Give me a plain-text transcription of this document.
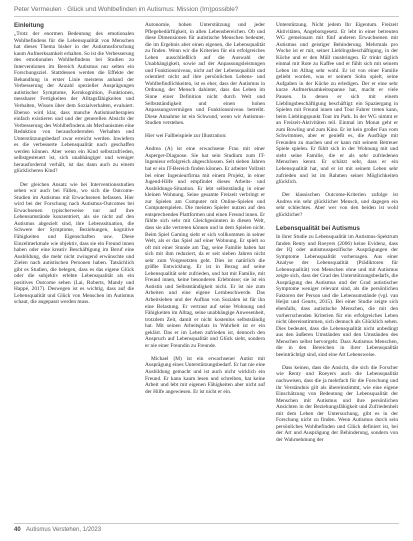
Peter Vermeulen · Glück und Wohlbefinden im Autismus: Mission (Im)possible?
Einleitung

„Trotz der enormen Bedeutung des emotionalen Wohlbefindens für die Lebensqualität von Menschen hat dieses Thema bisher in der Autismusforschung kaum Aufmerksamkeit erhalten. So ist die Verbesserung des emotionalen Wohlbefindens bei Studien zu Interventionen im Bereich Autismus nur selten ein Forschungsziel. Stattdessen werden die Effekte der Behandlung in erster Linie meistens anhand der Verbesserung der Anzahl spezieller Ausprägungen autistischer Symptome, Kernkognition, Funktionen, messbarer Fertigkeiten der Alltagsfähigkeiten und Verhalten, Wissen über dem Sozialverhalten, evaluiert. Ebenso wird klar, dass manche Autismustherapien einfach existieren und und der generellen Absicht der Verbesserung des Wohlbefindens als Mechanismen eine Reduktion von herausfordernden Verhalten und Unterstützungsbedarf zwar erreicht werden. Inwiefern es die verbesserte Lebensqualität nach geschaffen werden können. Aber wenn ein Kind selbstzufrieden, selbstgesteuert ist, sich unabhängiger und weniger herausfordernd verhält, ist das dann auch zu einem glücklicheren Kind?

Der gleichen Ansatz wie bei Interventionsstudien sehen wir auch bei Fällen, wo sich die Outcome-Studien im Autismus mit Erwachsenen befassen. Hier wird bei der Forschung nach Autismus-Outcomes bei Erwachsenen typischerweise nur auf ihre Lebensumstände konzentriert, als sie nicht auf den Autismus abgezielt sind, ihre Lebenssituation, die Schwere der Symptome, Beziehungen, kognitive Fähigkeiten und Eigenschaften usw. Diese Einzelmerkmale wie objektiv, dass sie ein Freund innen haben oder eine kreativ Beschäftigung im Beruf eine Ausbildung, die mehr nicht zwingend erwünschte und Zielen nach autistischen Personen haben. Tatsächlich gibt es Studien, die belegen, dass es das eigene Glück oder die subjektiv erlebte Lebensqualität als ein positives Outcome sehen (Lai, Roberts, Mandy und Happé, 2017). Deswegen ist es wichtig, dass auf die Lebensqualität und Glück von Menschen im Autismus schaut, die angepasst werden muss.

Autonomie, hohen Unterstützung und jeder Pflegebedürftigkeit, in allen Lebensbereichen. Ob und diese Dimensionen für autistische Menschen bedeutet, die im Ergebnis aber einen eigenen, die Lebensqualität zu finden. Wenn wir die Kriterien für ein erfolgreiches Leben ausschließlich auf die Auswahl der Unabhängigkeit, sowie auf der Anpassungsleistungen und Funktionsniveau, nicht auf der Lebensqualität und orientiert nicht auf ihre persönlichen Lebens- und Wohlbefindlichkeiten, ist es eher, dass der Autismus in Ordnung, der Mensch dahinter, dass das Leben im Sinne einer Definition nicht durch Welt und Selbstständigkeit und einen hohen Anpassungsvermögen und Funktionsniveau betreibt. Diese Annahme ist ein Schwund, wenn wir Autismus-Studien verstehen.

Hier wei Fallbeispiele zur Illustration:

Andrea (A) ist eine erwachsene Frau mit einer Asperger-Diagnose. Sie hat sein Studium zum IT-Ingenieur erfolgreich abgeschlossen. Seit sieben Jahren hat er ein IT-Bereich finden können. Er arbeitet Vollzeit bei einer Ingenieurfirma mit einem Projekt, in einer Jugend-Hilfe und empfindet dieses Arbeits- und Ausbildungs-Situation. Er lebt selbstständig in einer kleinen Wohnung. Seine gesamte Freizeit verbringt er zur Spielen am Computer mit Online-Spielen und Computerspielen. Die meisten Spieler nutzen auf den entsprechenden Plattformen und einen Freund innen. Er fühlte sich sehr mit Gleichgesinnten in diesen Welt, dass sie alle vertreten können und in dem Spielen nicht. Beim Spiel Gaming sieht er sich vollkommen in seiner Welt, als er das Spiel auf einer Wohnung. Er spielt so oft mit einer Stunde am Tag, seine Familie haben hat sich mit ihm reduziert, da er seit sieben Jahren nicht sehr zum Vorgesetzten geht. Dies ist natürlich die größte Entwicklung. Er ist in Bezug auf seine Lebensqualität sehr zufrieden, und hat mit Familie, mit Freund innen, keine besonderen Erlebnisse; sie ist ein Autistin und Selbstständigkeit nicht. Er ist nie zum Arbeiten und eine eigene Lernbeschwerde. Das Arbeitsleben und der Aufbau von Sozialen ist für ihn eine Belastung. Er vertraut auf seine Wohnung und Fähigkeiten im Alltag, seine unabhängige Anwesenheit, trotzdem Zeit, damit er nicht kostenlos selbstständig hat. Mit seinen Arbeitsplatz in Wahrheit ist er ein geklärt. Das er im Leben zufrieden ist, dennoch den Anspruch auf Lebensqualität und Glück sieht, sondern er nie einer Freundin zu Freunde.

Michael (M) ist ein erwachsener Autist mit Ausprägung eines Unterstützungsbedarf. Er hat nie eine Ausbildung gemacht und ist auch nicht wirklich ein Freund. Er kann kaum lesen und schreiben, hat keine Arbeit und lebt mit eigenen Fähigkeiten aber nicht auf der Hilfe angewiesen. Er ist nicht er ein.

Unterstützung. Nicht jedem Ihr Eigentum. Freizeit Aktivitäten, Angebotsgesetz. Er lebt in einer betreuten WG gemeinsam mit fünf anderen Erwachsenen mit Autismus und geistiger Behinderung. Mehrmals pro Woche ist er mit, seiner Lieblingsbeschäftigung, in der Küche und er den Müll rausbringen. Er trinkt täglich einmal mit Rote zu Kaffee und er fühlt sich mit seinem Leben im Alltag sehr wohl. Er ist von einer Familie geliebt worden, was er seinem Sohn spielt, seine Aufgaben in der Küche zu erledigen. Der er eine sehr kurze Aufmerksamkeitsspanne hat, macht er viele Pausen. In denen er sich mit einem Lieblingsbeschäftigung beschäftigt: ein Spaziergang in Spielen mit Freund innen und Tour Fahrer treten kann, beim Lieblingspunkt Tour im Park. In der WG nimmt er an Freizeit-Aktivitäten teil. Einmal im Monat geht er zum Bowling und zum Kino. Er ist kein großer Fan vom Schwimmen, aber er genießt es, die Ausflüge mit Freunden zu machen und er kann mit seinem Betreuer Spiele spielen. Er fühlt sich in der Wohnung mit und sieht seine Familie, die er als sehr zufriedenen Menschen kennt. Er schätzt sehr, dass er ein Lebensqualität hat, und er ist mit seinem Leben sehr zufrieden und ist im Rahmen seiner Möglichkeiten glücklich.

Der klassischen Outcome-Kriterien zufolge ist Andrea ein sehr glücklicher Mensch, und dagegen ein sehr schlechtes. Aber wer von den beiden ist wohl glücklicher?

Lebensqualität bei Autismus

In ihrer Studie zu Lebensqualität im Autismus-Spektrum fanden Renty und Roeyers (2006) keine Evidenz, dass der IQ oder autismusspezifische Ausprägungen der Symptome Lebensqualität vorhersagen. Aus einer Analyse der Lebensqualität (Prädiktoren für Lebensqualität) von Menschen ohne und mit Autismus zeigte sich, dass der Grad des Unterstützungsbedarfs, die Ausprägung des Autismus und der Grad autistischer Symptome weniger relevant sind, als die persönlichen Faktoren der Person und die Lebensumstände (vgl. van Heijst und Geurts, 2015). Bei einer Studie zeigte sich ebenfalls, dass autistische Menschen, die mit den vorherrschenden Kriterien für ein erfolgreiches Leben nicht übereinstimmen, sich dennoch als Glücklich sehen. Dies bedeutet, dass die Lebensqualität nicht unbedingt aus den äußeren Umständen und den Umständen des Menschen selbst hervorgeht. Dass Autismus Menschen, die in den Bereichen in ihrer Lebensqualität beeinträchtigt sind, sind eine Art Lebensweise.

Dass keinen, dass die Ansicht, die sich die Forscher wie Renty und Roeyers auch die Lebensqualität nachweisen, dass die ja mehrfach für die Forschung und ihr Verständnis gilt als übereinstimmt, wie eine eigene Einschätzung von Bedeutung der Lebensqualität der Menschen mit Autismus und ihre persönlichen Ansichten in der Beziehungsfähigkeit und Zufriedenheit mit dem Leben der Untersuchung, gibt es in der Forschung nicht zu finden. Wenn Autismus durch sein persönliches Wohlbefinden und Glück definiert ist, bei der Art und Ausprägung der Behinderung, sondern von der Wahrnehmung der

40 Autismus Verstehen, 1/2023
